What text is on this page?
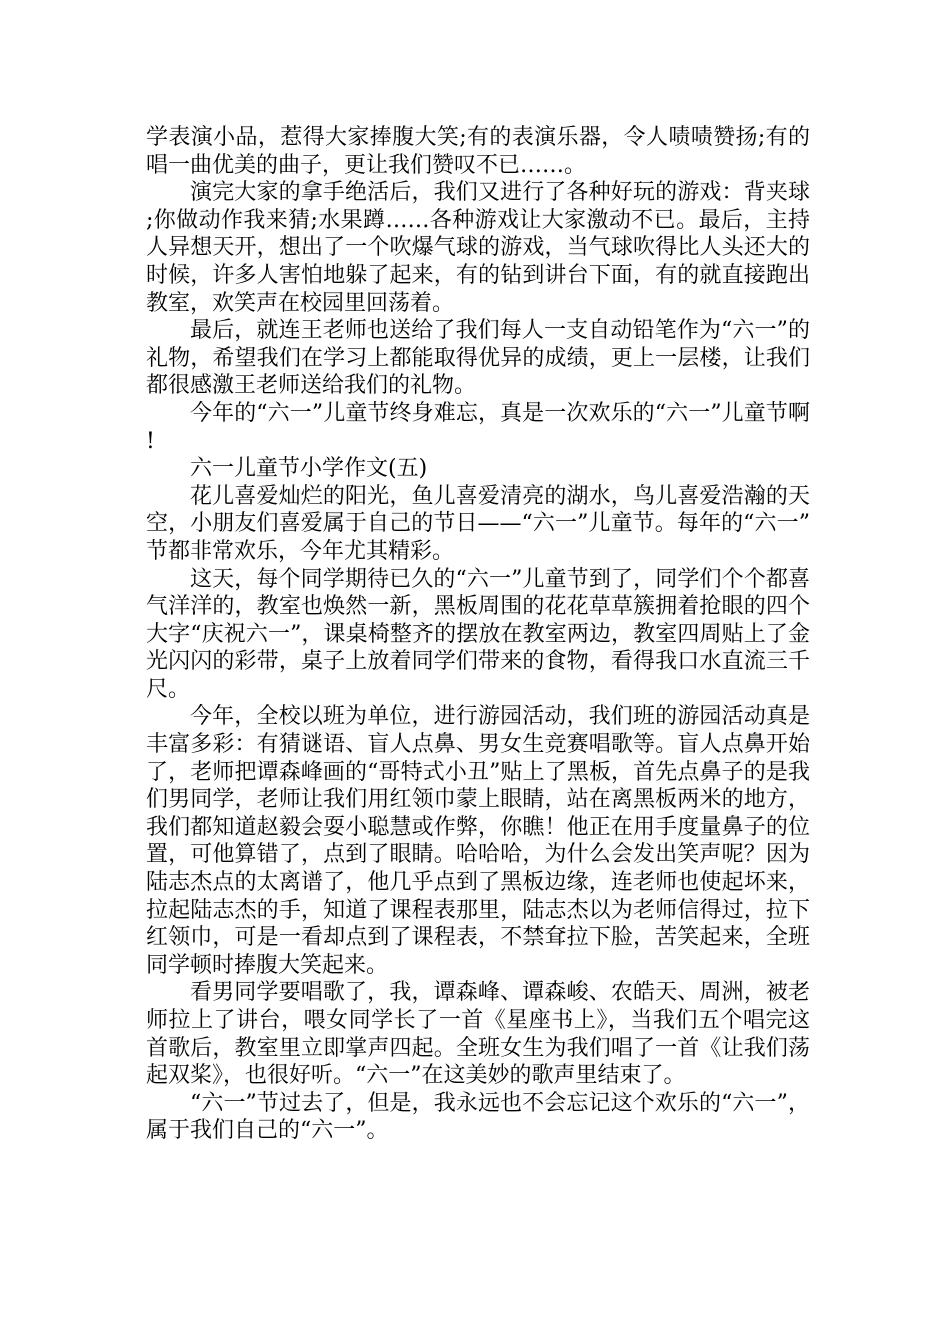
学表演小品，惹得大家捧腹大笑;有的表演乐器，令人啧啧赞扬;有的唱一曲优美的曲子，更让我们赞叹不已……。

演完大家的拿手绝活后，我们又进行了各种好玩的游戏：背夹球;你做动作我来猜;水果蹲……各种游戏让大家激动不已。最后，主持人异想天开，想出了一个吹爆气球的游戏，当气球吹得比人头还大的时候，许多人害怕地躲了起来，有的钻到讲台下面，有的就直接跑出教室，欢笑声在校园里回荡着。

最后，就连王老师也送给了我们每人一支自动铅笔作为“六一”的礼物，希望我们在学习上都能取得优异的成绩，更上一层楼，让我们都很感激王老师送给我们的礼物。

今年的“六一”儿童节终身难忘，真是一次欢乐的“六一”儿童节啊!

六一儿童节小学作文(五)

花儿喜爱灿烂的阳光，鱼儿喜爱清亮的湖水，鸟儿喜爱浩瀚的天空，小朋友们喜爱属于自己的节日——“六一”儿童节。每年的“六一”节都非常欢乐，今年尤其精彩。

这天，每个同学期待已久的“六一”儿童节到了，同学们个个都喜气洋洋的，教室也焕然一新，黑板周围的花花草草簇拥着抢眼的四个大字“庆祝六一”，课桌椅整齐的摆放在教室两边，教室四周贴上了金光闪闪的彩带，桌子上放着同学们带来的食物，看得我口水直流三千尺。

今年，全校以班为单位，进行游园活动，我们班的游园活动真是丰富多彩：有猜谜语、盲人点鼻、男女生竞赛唱歌等。盲人点鼻开始了，老师把谭森峰画的“哥特式小丑”贴上了黑板，首先点鼻子的是我们男同学，老师让我们用红领巾蒙上眼睛，站在离黑板两米的地方，我们都知道赵毅会耍小聪慧或作弊，你瞧！他正在用手度量鼻子的位置，可他算错了，点到了眼睛。哈哈哈，为什么会发出笑声呢？因为陆志杰点的太离谱了，他几乎点到了黑板边缘，连老师也使起坏来，拉起陆志杰的手，知道了课程表那里，陆志杰以为老师信得过，拉下红领巾，可是一看却点到了课程表，不禁耷拉下脸，苦笑起来，全班同学顿时捧腹大笑起来。

看男同学要唱歌了，我，谭森峰、谭森峻、农皓天、周洲，被老师拉上了讲台，喂女同学长了一首《星座书上》，当我们五个唱完这首歌后，教室里立即掌声四起。全班女生为我们唱了一首《让我们荡起双桨》，也很好听。“六一”在这美妙的歌声里结束了。

“六一”节过去了，但是，我永远也不会忘记这个欢乐的“六一”，属于我们自己的“六一”。
